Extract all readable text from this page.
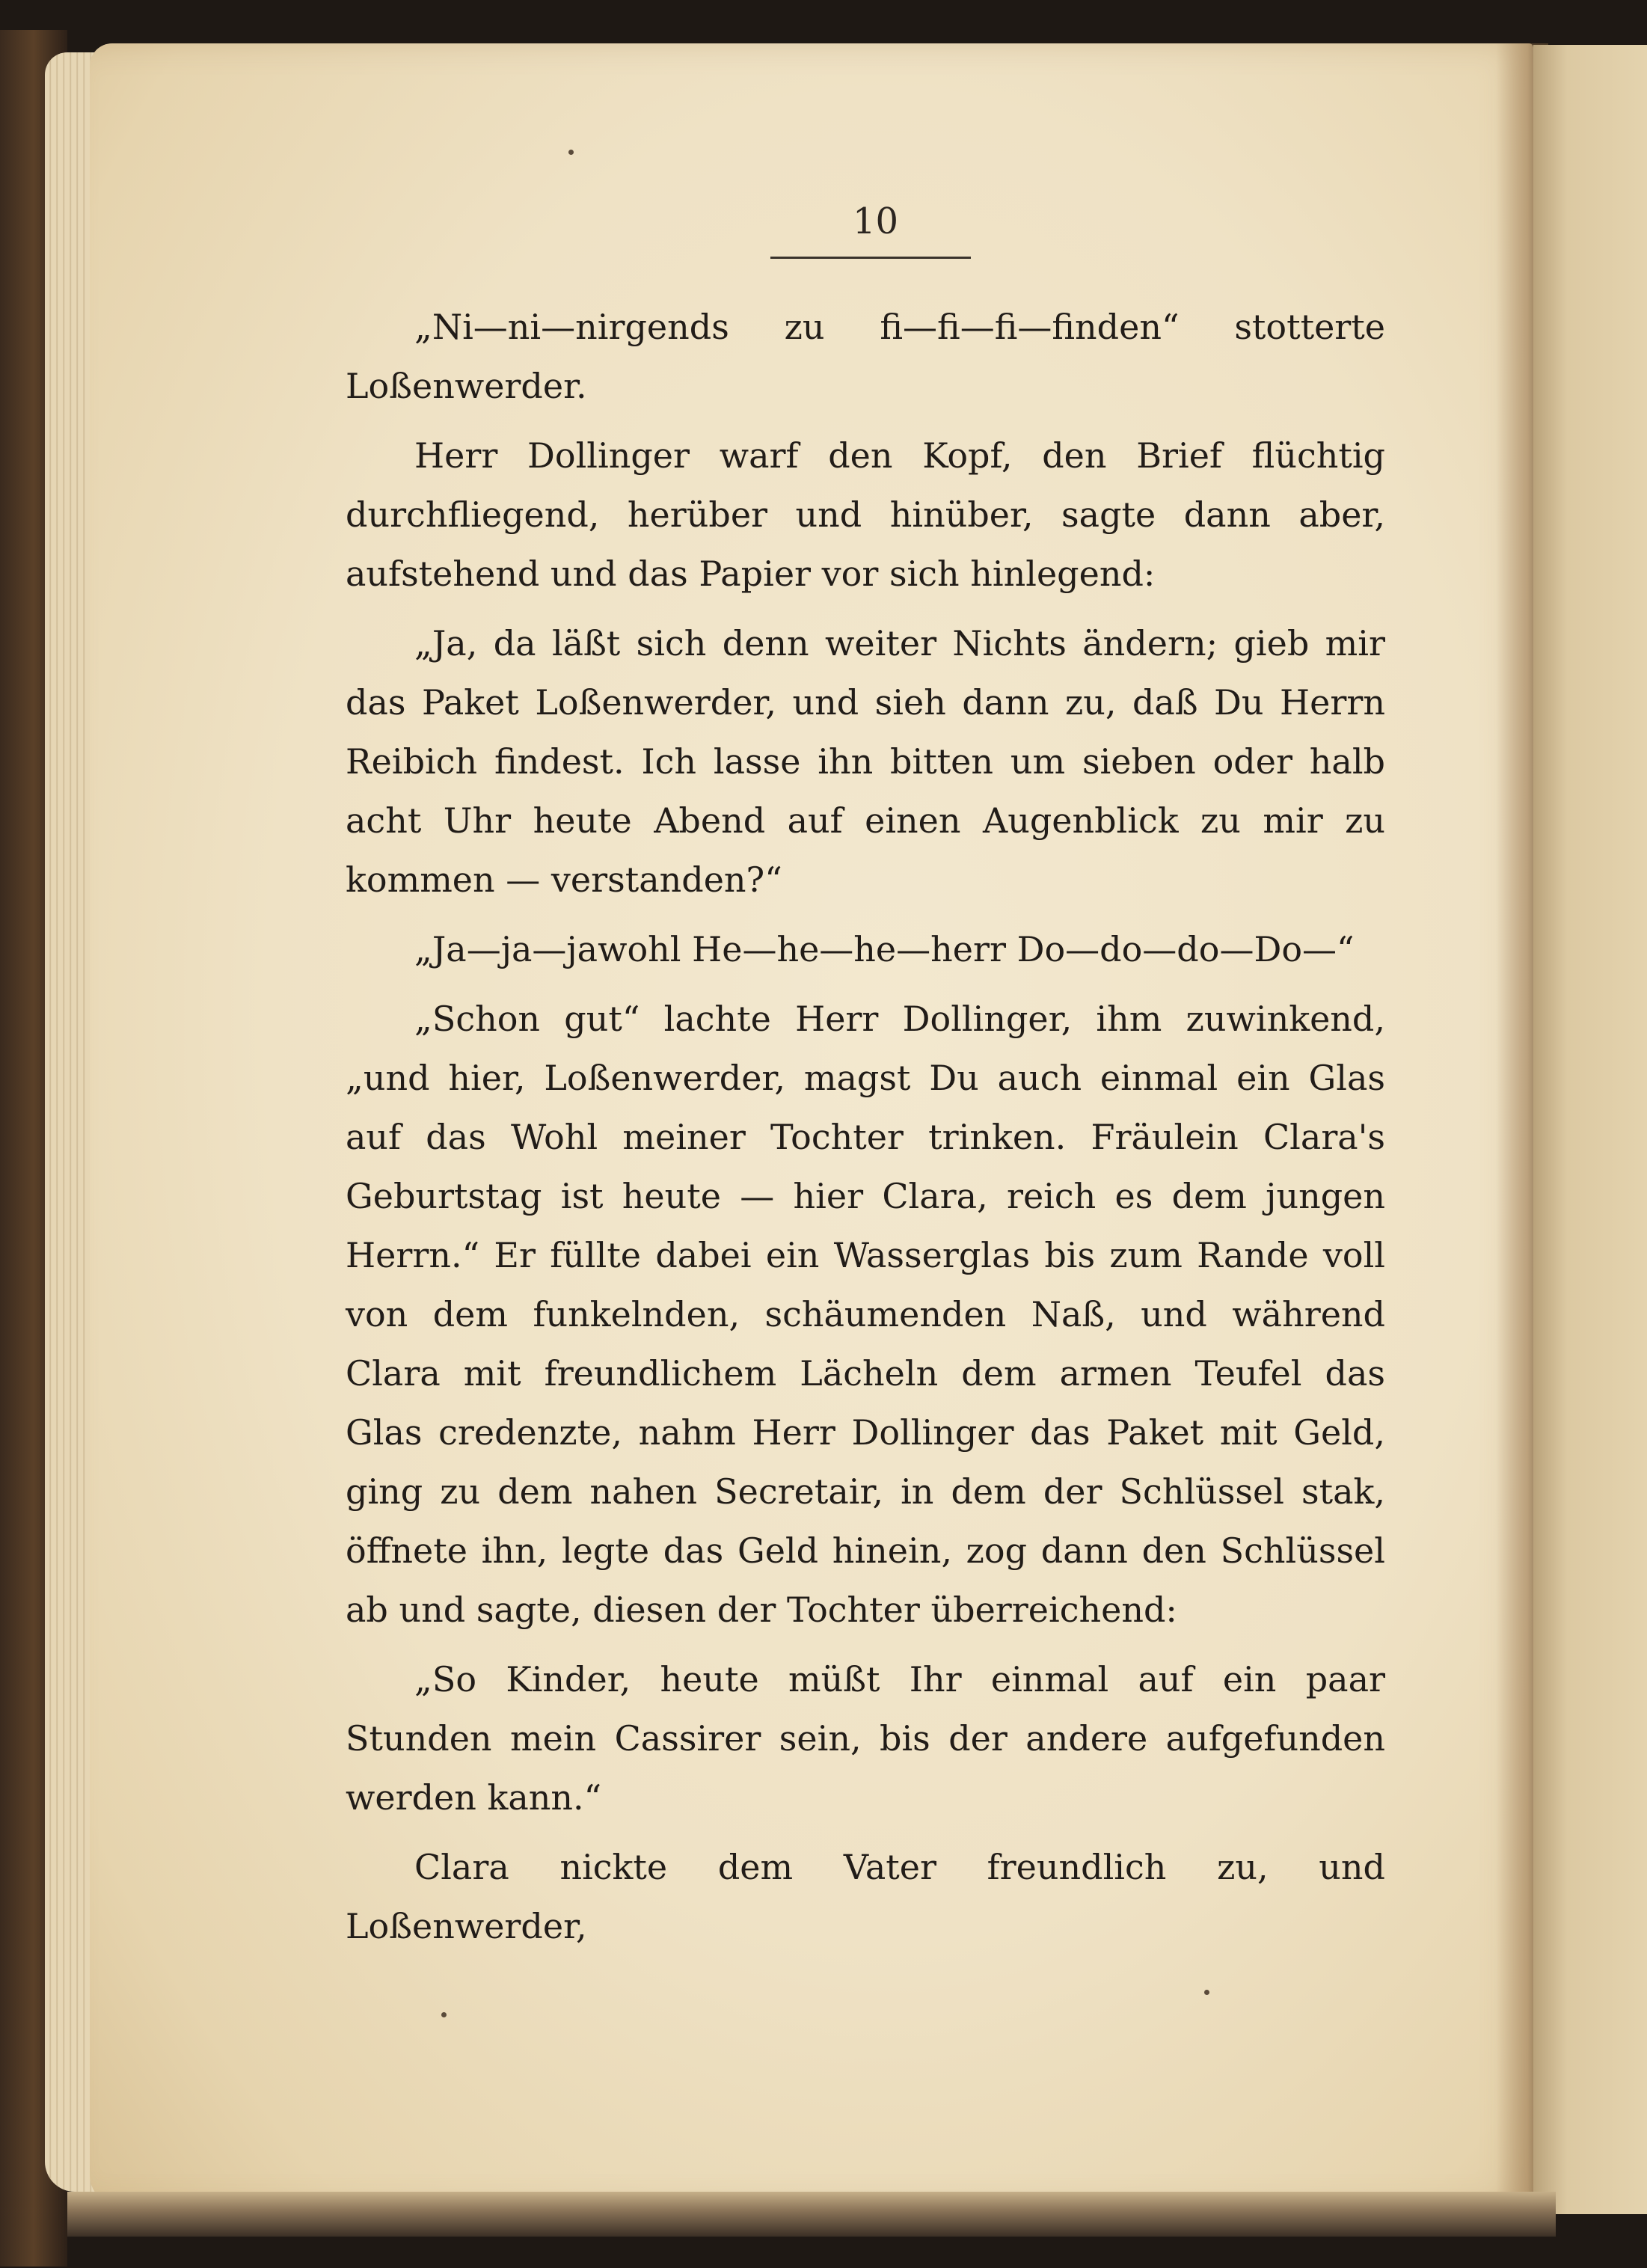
10

„Ni—ni—nirgends zu fi—fi—fi—finden“ stotterte Loßenwerder.

Herr Dollinger warf den Kopf, den Brief flüchtig durchfliegend, herüber und hinüber, sagte dann aber, aufstehend und das Papier vor sich hinlegend:

„Ja, da läßt sich denn weiter Nichts ändern; gieb mir das Paket Loßenwerder, und sieh dann zu, daß Du Herrn Reibich findest. Ich lasse ihn bitten um sieben oder halb acht Uhr heute Abend auf einen Augenblick zu mir zu kommen — verstanden?“

„Ja—ja—jawohl He—he—he—herr Do—do—do—Do—“

„Schon gut“ lachte Herr Dollinger, ihm zuwinkend, „und hier, Loßenwerder, magst Du auch einmal ein Glas auf das Wohl meiner Tochter trinken. Fräulein Clara's Geburtstag ist heute — hier Clara, reich es dem jungen Herrn.“ Er füllte dabei ein Wasserglas bis zum Rande voll von dem funkelnden, schäumenden Naß, und während Clara mit freundlichem Lächeln dem armen Teufel das Glas credenzte, nahm Herr Dollinger das Paket mit Geld, ging zu dem nahen Secretair, in dem der Schlüssel stak, öffnete ihn, legte das Geld hinein, zog dann den Schlüssel ab und sagte, diesen der Tochter überreichend:

„So Kinder, heute müßt Ihr einmal auf ein paar Stunden mein Cassirer sein, bis der andere aufgefunden werden kann.“

Clara nickte dem Vater freundlich zu, und Loßenwerder,
